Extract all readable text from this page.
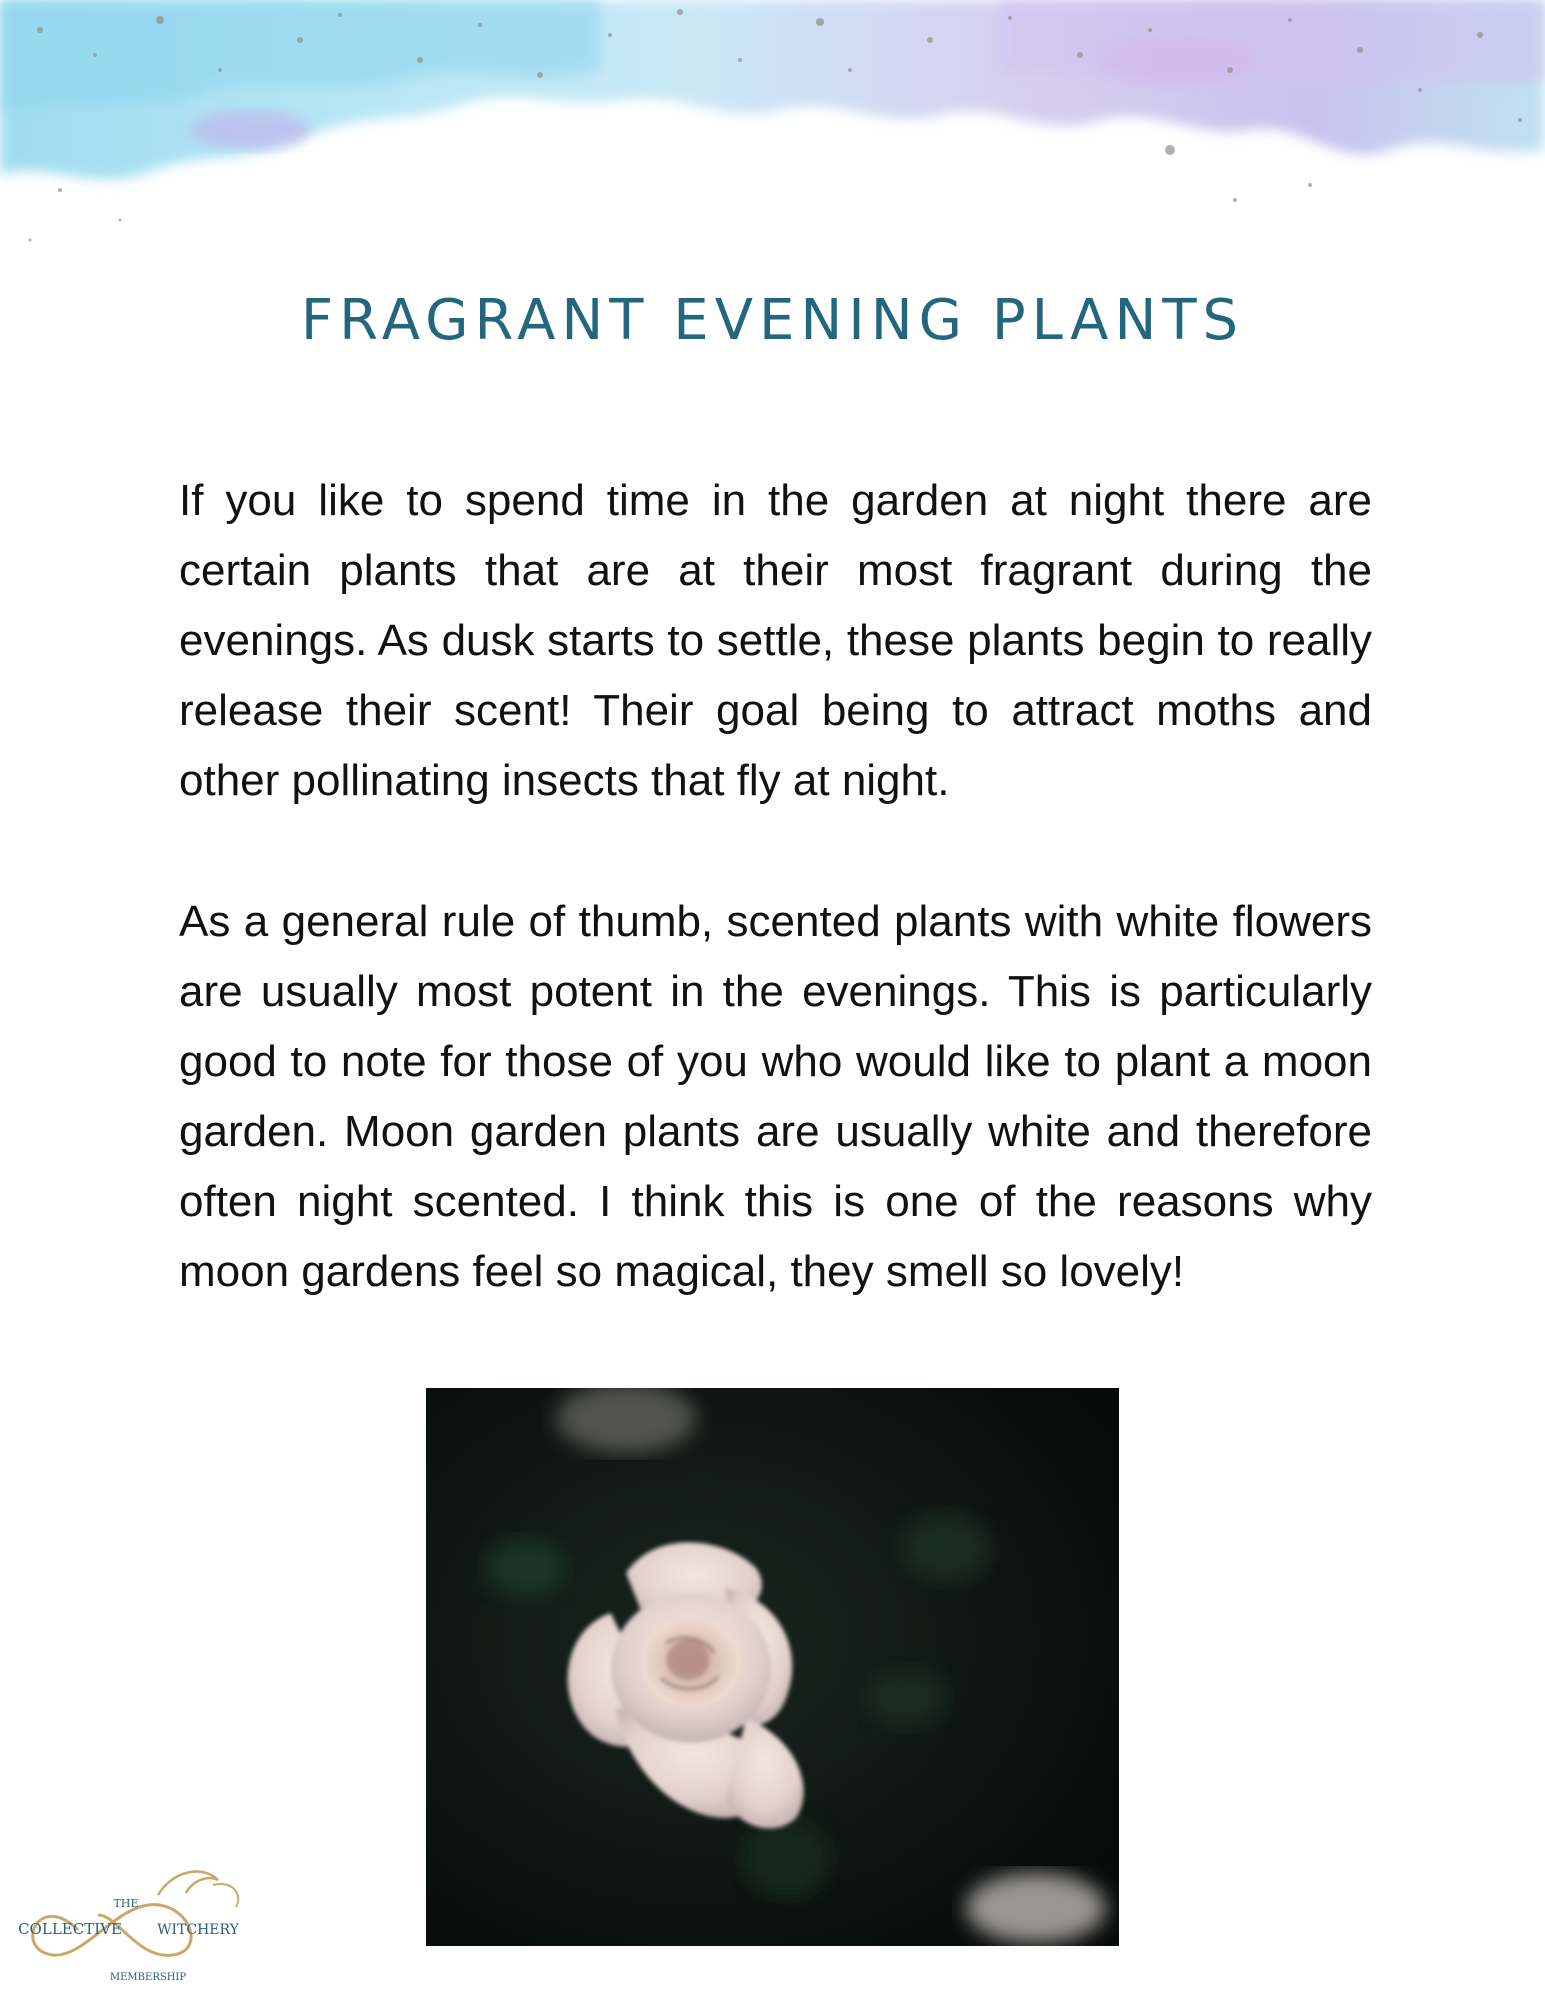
FRAGRANT EVENING PLANTS

If you like to spend time in the garden at night there are certain plants that are at their most fragrant during the evenings. As dusk starts to settle, these plants begin to really release their scent! Their goal being to attract moths and other pollinating insects that fly at night.

As a general rule of thumb, scented plants with white flowers are usually most potent in the evenings. This is particularly good to note for those of you who would like to plant a moon garden. Moon garden plants are usually white and therefore often night scented. I think this is one of the reasons why moon gardens feel so magical, they smell so lovely!

THE
COLLECTIVE	WITCHERY
MEMBERSHIP
